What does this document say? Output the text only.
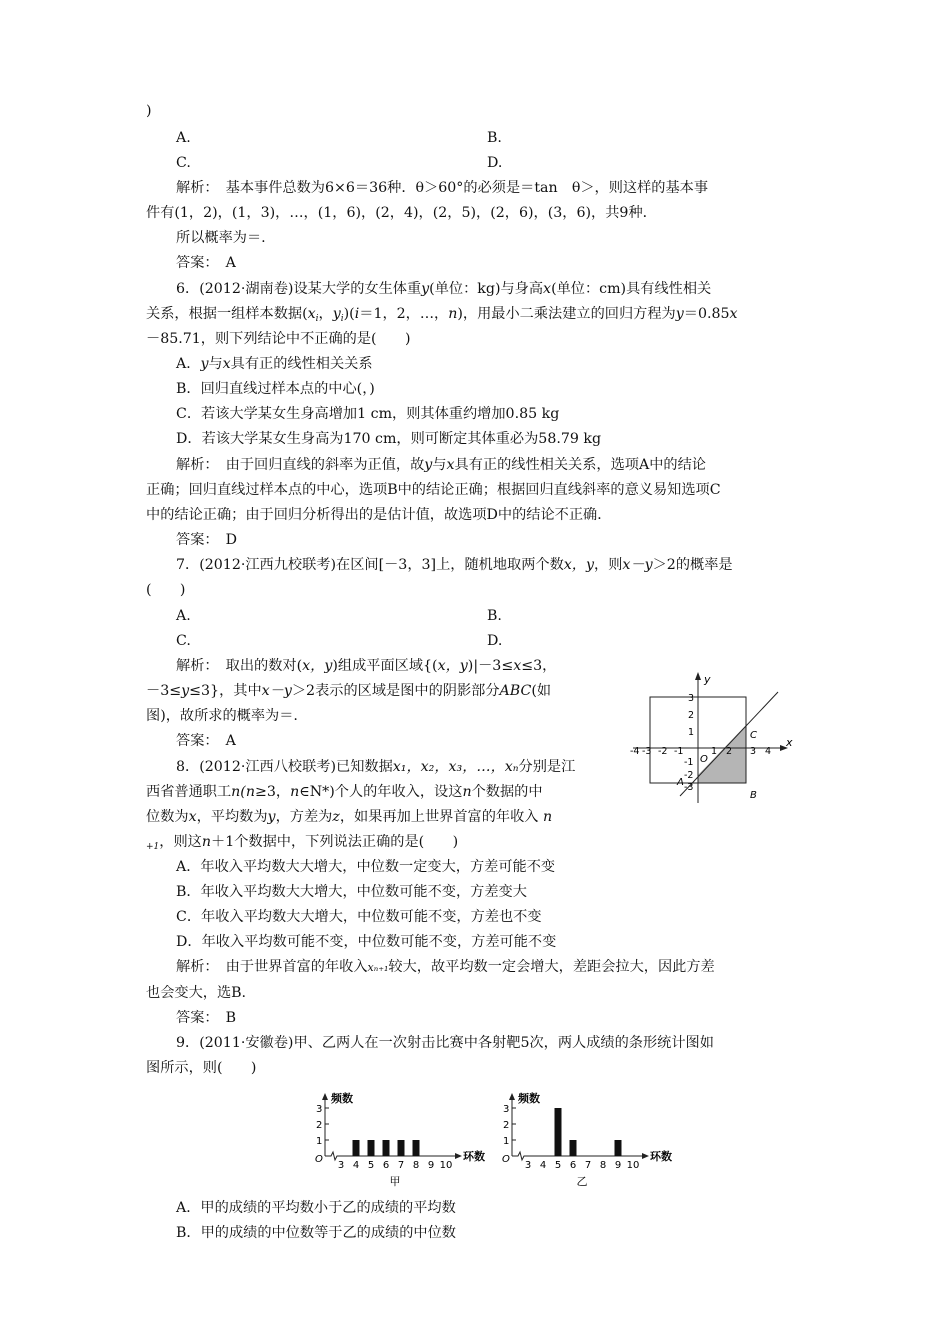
)
A.	B.
C.	D.
解析：　基本事件总数为6×6＝36种．θ＞60°的必须是＝tan　θ＞，则这样的基本事
件有(1，2)，(1，3)，…，(1，6)，(2，4)，(2，5)，(2，6)，(3，6)，共9种．
所以概率为＝.
答案：　A
6．(2012·湖南卷)设某大学的女生体重y(单位：kg)与身高x(单位：cm)具有线性相关
关系，根据一组样本数据($x_i$，$y_i)(i=1$，2，…，n)，用最小二乘法建立的回归方程为y＝0.85x
－85.71，则下列结论中不正确的是(　　)
A．y与x具有正的线性相关关系
B．回归直线过样本点的中心(，)
C．若该大学某女生身高增加1 cm，则其体重约增加0.85 kg
D．若该大学某女生身高为170 cm，则可断定其体重必为58.79 kg
解析：　由于回归直线的斜率为正值，故y与x具有正的线性相关关系，选项A中的结论
正确；回归直线过样本点的中心，选项B中的结论正确；根据回归直线斜率的意义易知选项C
中的结论正确；由于回归分析得出的是估计值，故选项D中的结论不正确．
答案：　D
7．(2012·江西九校联考)在区间[－3，3]上，随机地取两个数x，y，则x－y＞2的概率是
(　　)
A.	B.
C.	D.
解析：　取出的数对(x，y)组成平面区域{(x，y)|－3≤x≤3，
－3≤y≤3}，其中x－y＞2表示的区域是图中的阴影部分ABC(如
图)，故所求的概率为＝.
答案：　A
y
x
O
-4 -3 -2 -1	1 2 3 4
3
2
1
-1
-2
-3
A
B
C
8．(2012·江西八校联考)已知数据x₁，x₂，x₃，…，xₙ分别是江
西省普通职工n(n≥3，n∈N*)个人的年收入，设这n个数据的中
位数为x，平均数为y，方差为z，如果再加上世界首富的年收入 n
$_{+1}$，则这n＋1个数据中，下列说法正确的是(　　)
A．年收入平均数大大增大，中位数一定变大，方差可能不变
B．年收入平均数大大增大，中位数可能不变，方差变大
C．年收入平均数大大增大，中位数可能不变，方差也不变
D．年收入平均数可能不变，中位数可能不变，方差可能不变
解析：　由于世界首富的年收入xₙ₊₁较大，故平均数一定会增大，差距会拉大，因此方差
也会变大，选B.
答案：　B
9．(2011·安徽卷)甲、乙两人在一次射击比赛中各射靶5次，两人成绩的条形统计图如
图所示，则(　　)
频数
环数
O
1
2
3
3 4 5 6 7 8 9 10
甲
频数
环数
O
1
2
3
3 4 5 6 7 8 9 10
乙
A．甲的成绩的平均数小于乙的成绩的平均数
B．甲的成绩的中位数等于乙的成绩的中位数
